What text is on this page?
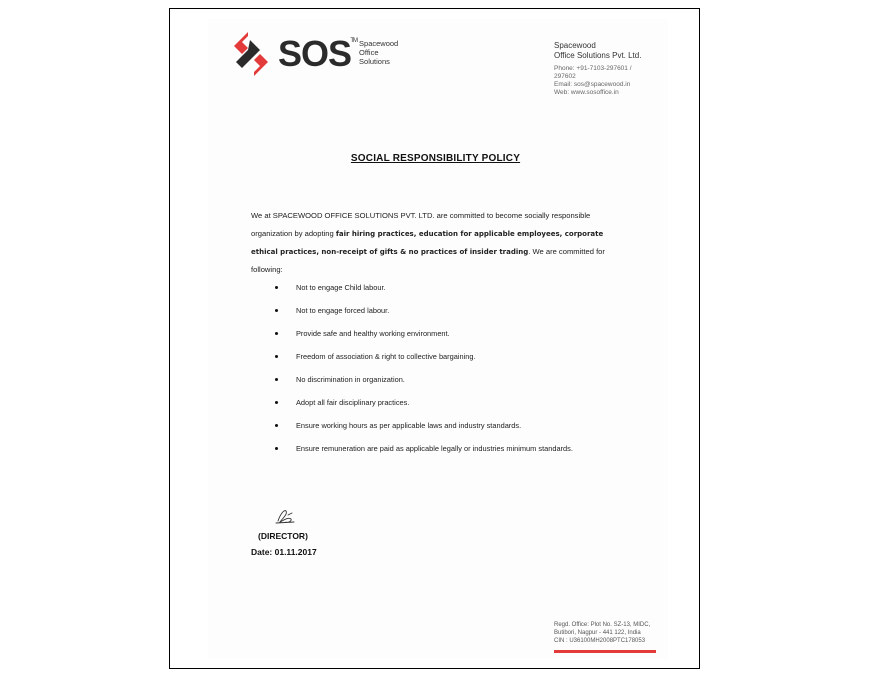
SOS TM Spacewood
Office
Solutions
Spacewood
Office Solutions Pvt. Ltd.
Phone: +91-7103-297601 /
297602
Email: sos@spacewood.in
Web: www.sosoffice.in
SOCIAL RESPONSIBILITY POLICY
We at SPACEWOOD OFFICE SOLUTIONS PVT. LTD. are committed to become socially responsible organization by adopting fair hiring practices, education for applicable employees, corporate ethical practices, non-receipt of gifts & no practices of insider trading. We are committed for following:
Not to engage Child labour.
Not to engage forced labour.
Provide safe and healthy working environment.
Freedom of association & right to collective bargaining.
No discrimination in organization.
Adopt all fair disciplinary practices.
Ensure working hours as per applicable laws and industry standards.
Ensure remuneration are paid as applicable legally or industries minimum standards.
(DIRECTOR)
Date: 01.11.2017
Regd. Office: Plot No. SZ-13, MIDC,
Butibori, Nagpur - 441 122, India
CIN : U36100MH2008PTC178053
